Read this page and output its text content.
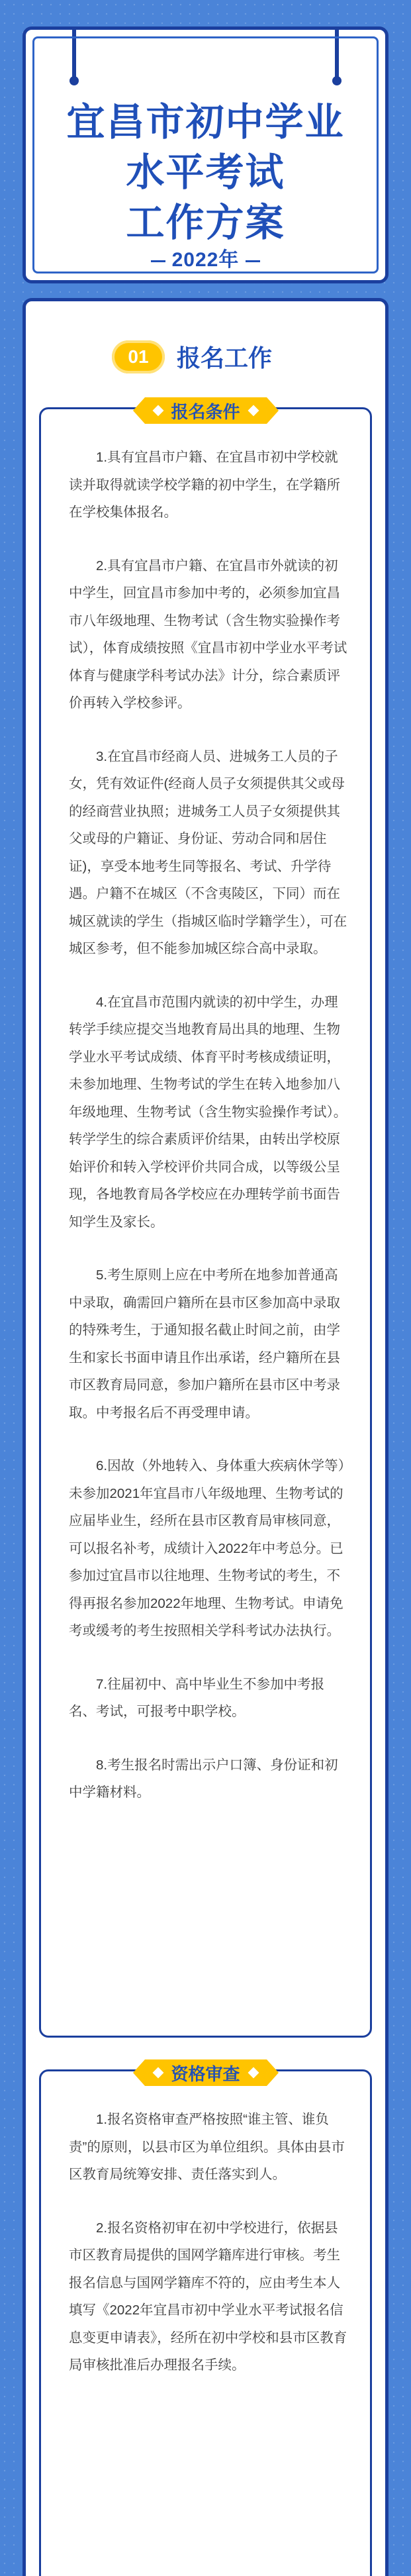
宜昌市初中学业
水平考试
工作方案
2022年
01	报名工作
报名条件

1.具有宜昌市户籍、在宜昌市初中学校就读并取得就读学校学籍的初中学生，在学籍所在学校集体报名。

2.具有宜昌市户籍、在宜昌市外就读的初中学生，回宜昌市参加中考的，必须参加宜昌市八年级地理、生物考试（含生物实验操作考试），体育成绩按照《宜昌市初中学业水平考试体育与健康学科考试办法》计分，综合素质评价再转入学校参评。

3.在宜昌市经商人员、进城务工人员的子女，凭有效证件(经商人员子女须提供其父或母的经商营业执照；进城务工人员子女须提供其父或母的户籍证、身份证、劳动合同和居住证)，享受本地考生同等报名、考试、升学待遇。户籍不在城区（不含夷陵区，下同）而在城区就读的学生（指城区临时学籍学生），可在城区参考，但不能参加城区综合高中录取。

4.在宜昌市范围内就读的初中学生，办理转学手续应提交当地教育局出具的地理、生物学业水平考试成绩、体育平时考核成绩证明，未参加地理、生物考试的学生在转入地参加八年级地理、生物考试（含生物实验操作考试）。转学学生的综合素质评价结果，由转出学校原始评价和转入学校评价共同合成，以等级公呈现，各地教育局各学校应在办理转学前书面告知学生及家长。

5.考生原则上应在中考所在地参加普通高中录取，确需回户籍所在县市区参加高中录取的特殊考生，于通知报名截止时间之前，由学生和家长书面申请且作出承诺，经户籍所在县市区教育局同意，参加户籍所在县市区中考录取。中考报名后不再受理申请。

6.因故（外地转入、身体重大疾病休学等）未参加2021年宜昌市八年级地理、生物考试的应届毕业生，经所在县市区教育局审核同意，可以报名补考，成绩计入2022年中考总分。已参加过宜昌市以往地理、生物考试的考生，不得再报名参加2022年地理、生物考试。申请免考或缓考的考生按照相关学科考试办法执行。

7.往届初中、高中毕业生不参加中考报名、考试，可报考中职学校。

8.考生报名时需出示户口簿、身份证和初中学籍材料。

资格审查

1.报名资格审查严格按照“谁主管、谁负责”的原则，以县市区为单位组织。具体由县市区教育局统筹安排、责任落实到人。

2.报名资格初审在初中学校进行，依据县市区教育局提供的国网学籍库进行审核。考生报名信息与国网学籍库不符的，应由考生本人填写《2022年宜昌市初中学业水平考试报名信息变更申请表》，经所在初中学校和县市区教育局审核批准后办理报名手续。
